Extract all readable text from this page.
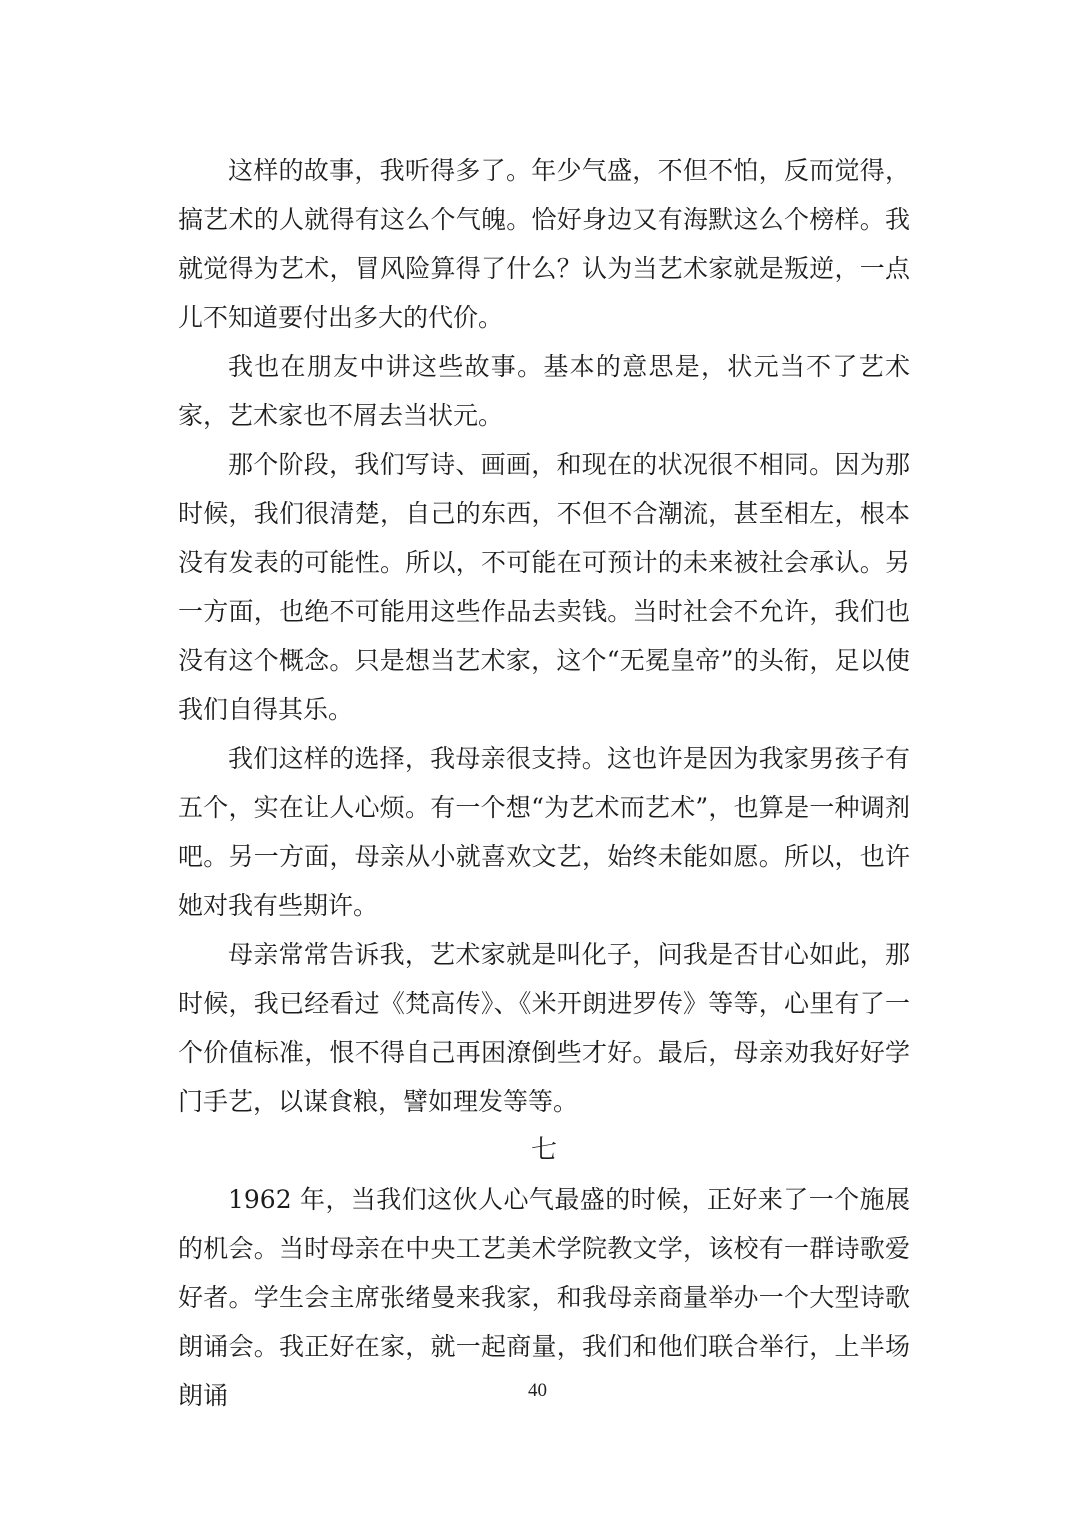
这样的故事，我听得多了。年少气盛，不但不怕，反而觉得，搞艺术的人就得有这么个气魄。恰好身边又有海默这么个榜样。我就觉得为艺术，冒风险算得了什么？认为当艺术家就是叛逆，一点儿不知道要付出多大的代价。

我也在朋友中讲这些故事。基本的意思是，状元当不了艺术家，艺术家也不屑去当状元。

那个阶段，我们写诗、画画，和现在的状况很不相同。因为那时候，我们很清楚，自己的东西，不但不合潮流，甚至相左，根本没有发表的可能性。所以，不可能在可预计的未来被社会承认。另一方面，也绝不可能用这些作品去卖钱。当时社会不允许，我们也没有这个概念。只是想当艺术家，这个“无冕皇帝”的头衔，足以使我们自得其乐。

我们这样的选择，我母亲很支持。这也许是因为我家男孩子有五个，实在让人心烦。有一个想“为艺术而艺术”，也算是一种调剂吧。另一方面，母亲从小就喜欢文艺，始终未能如愿。所以，也许她对我有些期许。

母亲常常告诉我，艺术家就是叫化子，问我是否甘心如此，那时候，我已经看过《梵高传》、《米开朗进罗传》等等，心里有了一个价值标准，恨不得自己再困潦倒些才好。最后，母亲劝我好好学门手艺，以谋食粮，譬如理发等等。

七

1962 年，当我们这伙人心气最盛的时候，正好来了一个施展的机会。当时母亲在中央工艺美术学院教文学，该校有一群诗歌爱好者。学生会主席张绪曼来我家，和我母亲商量举办一个大型诗歌朗诵会。我正好在家，就一起商量，我们和他们联合举行，上半场朗诵	40
